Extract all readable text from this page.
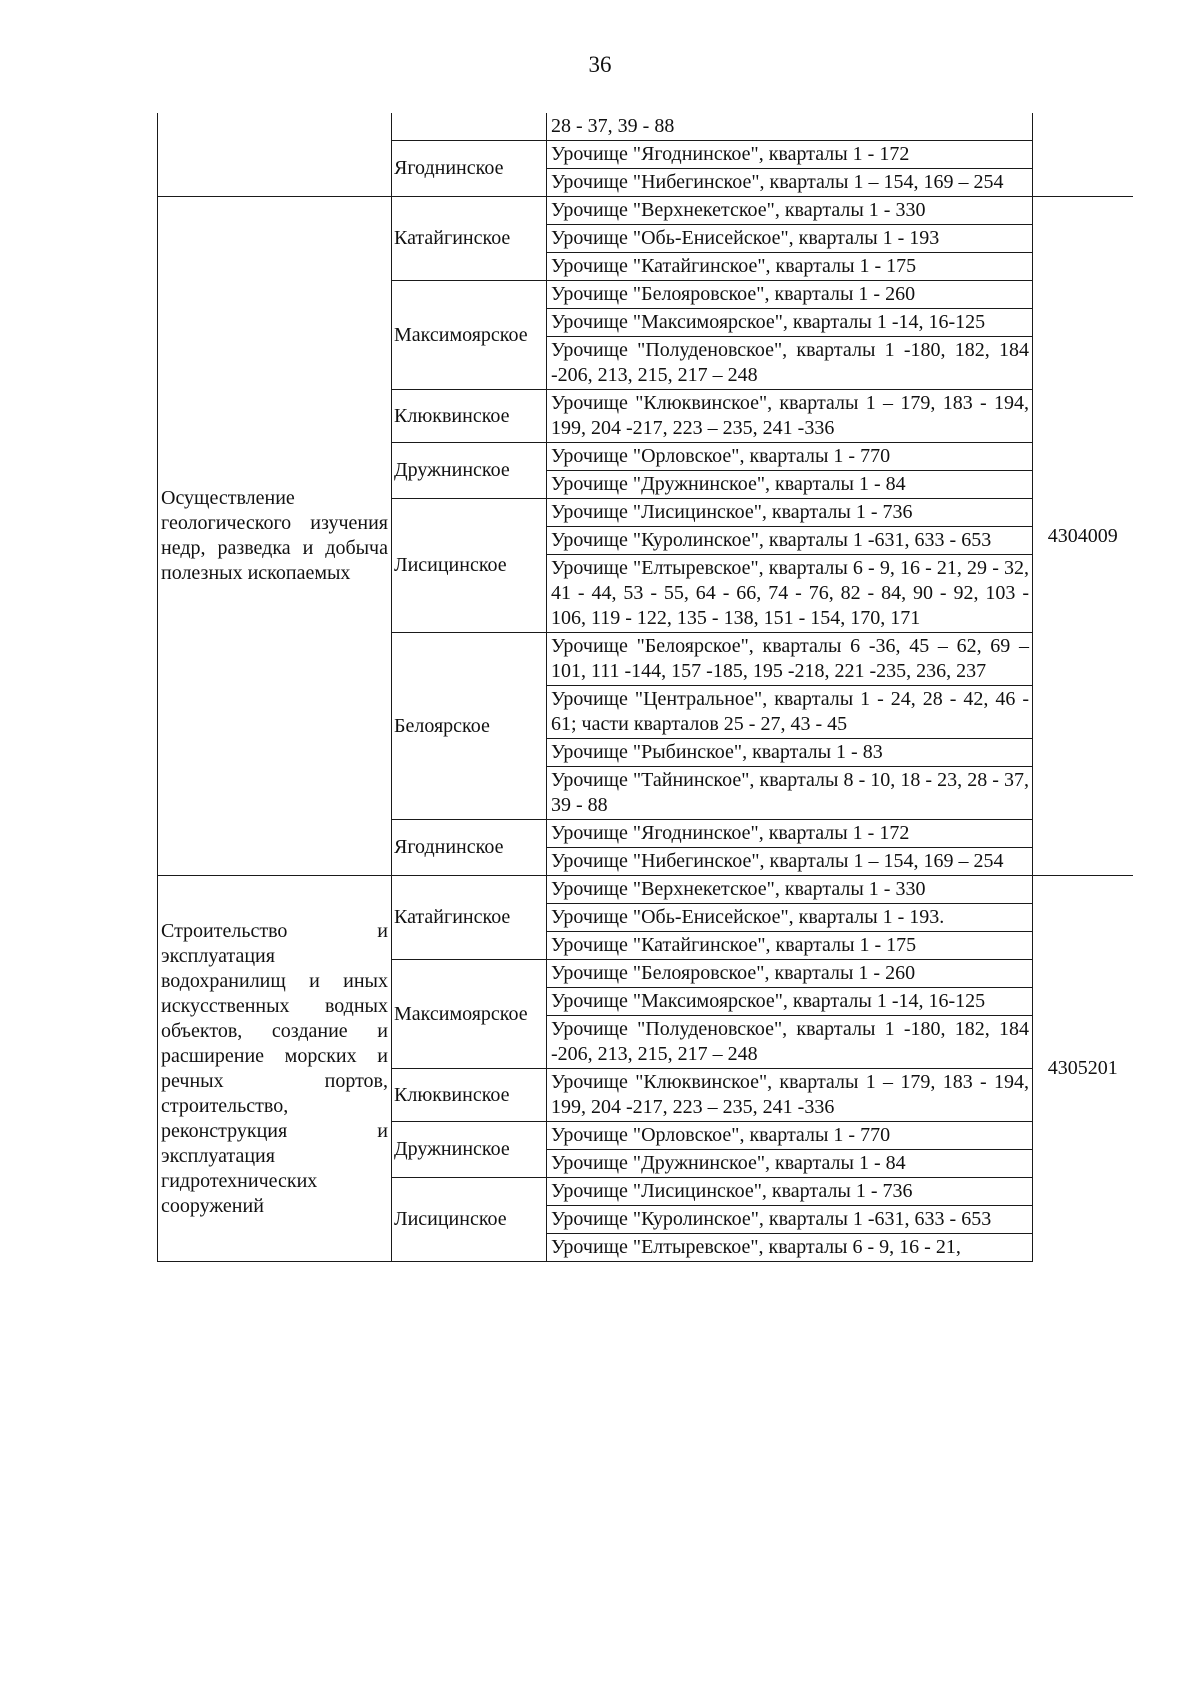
36
		28 - 37, 39 - 88	
	Ягоднинское	Урочище "Ягоднинское", кварталы 1 - 172	
		Урочище "Нибегинское", кварталы 1 – 154, 169 – 254	
Осуществление геологического изучения недр, разведка и добыча полезных ископаемых	Катайгинское	Урочище "Верхнекетское", кварталы 1 - 330	4304009
		Урочище "Обь-Енисейское", кварталы 1 - 193	
		Урочище "Катайгинское", кварталы 1 - 175	
	Максимоярское	Урочище "Белояровское", кварталы 1 - 260	
		Урочище "Максимоярское", кварталы 1 -14, 16-125	
		Урочище "Полуденовское", кварталы 1 -180, 182, 184 -206, 213, 215, 217 – 248	
	Клюквинское	Урочище "Клюквинское", кварталы 1 – 179, 183 - 194, 199, 204 -217, 223 – 235, 241 -336	
	Дружнинское	Урочище "Орловское", кварталы 1 - 770	
		Урочище "Дружнинское", кварталы 1 - 84	
	Лисицинское	Урочище "Лисицинское", кварталы 1 - 736	
		Урочище "Куролинское", кварталы 1 -631, 633 - 653	
		Урочище "Елтыревское", кварталы 6 - 9, 16 - 21, 29 - 32, 41 - 44, 53 - 55, 64 - 66, 74 - 76, 82 - 84, 90 - 92, 103 - 106, 119 - 122, 135 - 138, 151 - 154, 170, 171	
	Белоярское	Урочище "Белоярское", кварталы 6 -36, 45 – 62, 69 – 101, 111 -144, 157 -185, 195 -218, 221 -235, 236, 237	
		Урочище "Центральное", кварталы 1 - 24, 28 - 42, 46 - 61; части кварталов 25 - 27, 43 - 45	
		Урочище "Рыбинское", кварталы 1 - 83	
		Урочище "Тайнинское", кварталы 8 - 10, 18 - 23, 28 - 37, 39 - 88	
	Ягоднинское	Урочище "Ягоднинское", кварталы 1 - 172	
		Урочище "Нибегинское", кварталы 1 – 154, 169 – 254	
Строительство и эксплуатация водохранилищ и иных искусственных водных объектов, создание и расширение морских и речных портов, строительство, реконструкция и эксплуатация гидротехнических сооружений	Катайгинское	Урочище "Верхнекетское", кварталы 1 - 330	4305201
		Урочище "Обь-Енисейское", кварталы 1 - 193.	
		Урочище "Катайгинское", кварталы 1 - 175	
	Максимоярское	Урочище "Белояровское", кварталы 1 - 260	
		Урочище "Максимоярское", кварталы 1 -14, 16-125	
		Урочище "Полуденовское", кварталы 1 -180, 182, 184 -206, 213, 215, 217 – 248	
	Клюквинское	Урочище "Клюквинское", кварталы 1 – 179, 183 - 194, 199, 204 -217, 223 – 235, 241 -336	
	Дружнинское	Урочище "Орловское", кварталы 1 - 770	
		Урочище "Дружнинское", кварталы 1 - 84	
	Лисицинское	Урочище "Лисицинское", кварталы 1 - 736	
		Урочище "Куролинское", кварталы 1 -631, 633 - 653	
		Урочище "Елтыревское", кварталы 6 - 9, 16 - 21,	
